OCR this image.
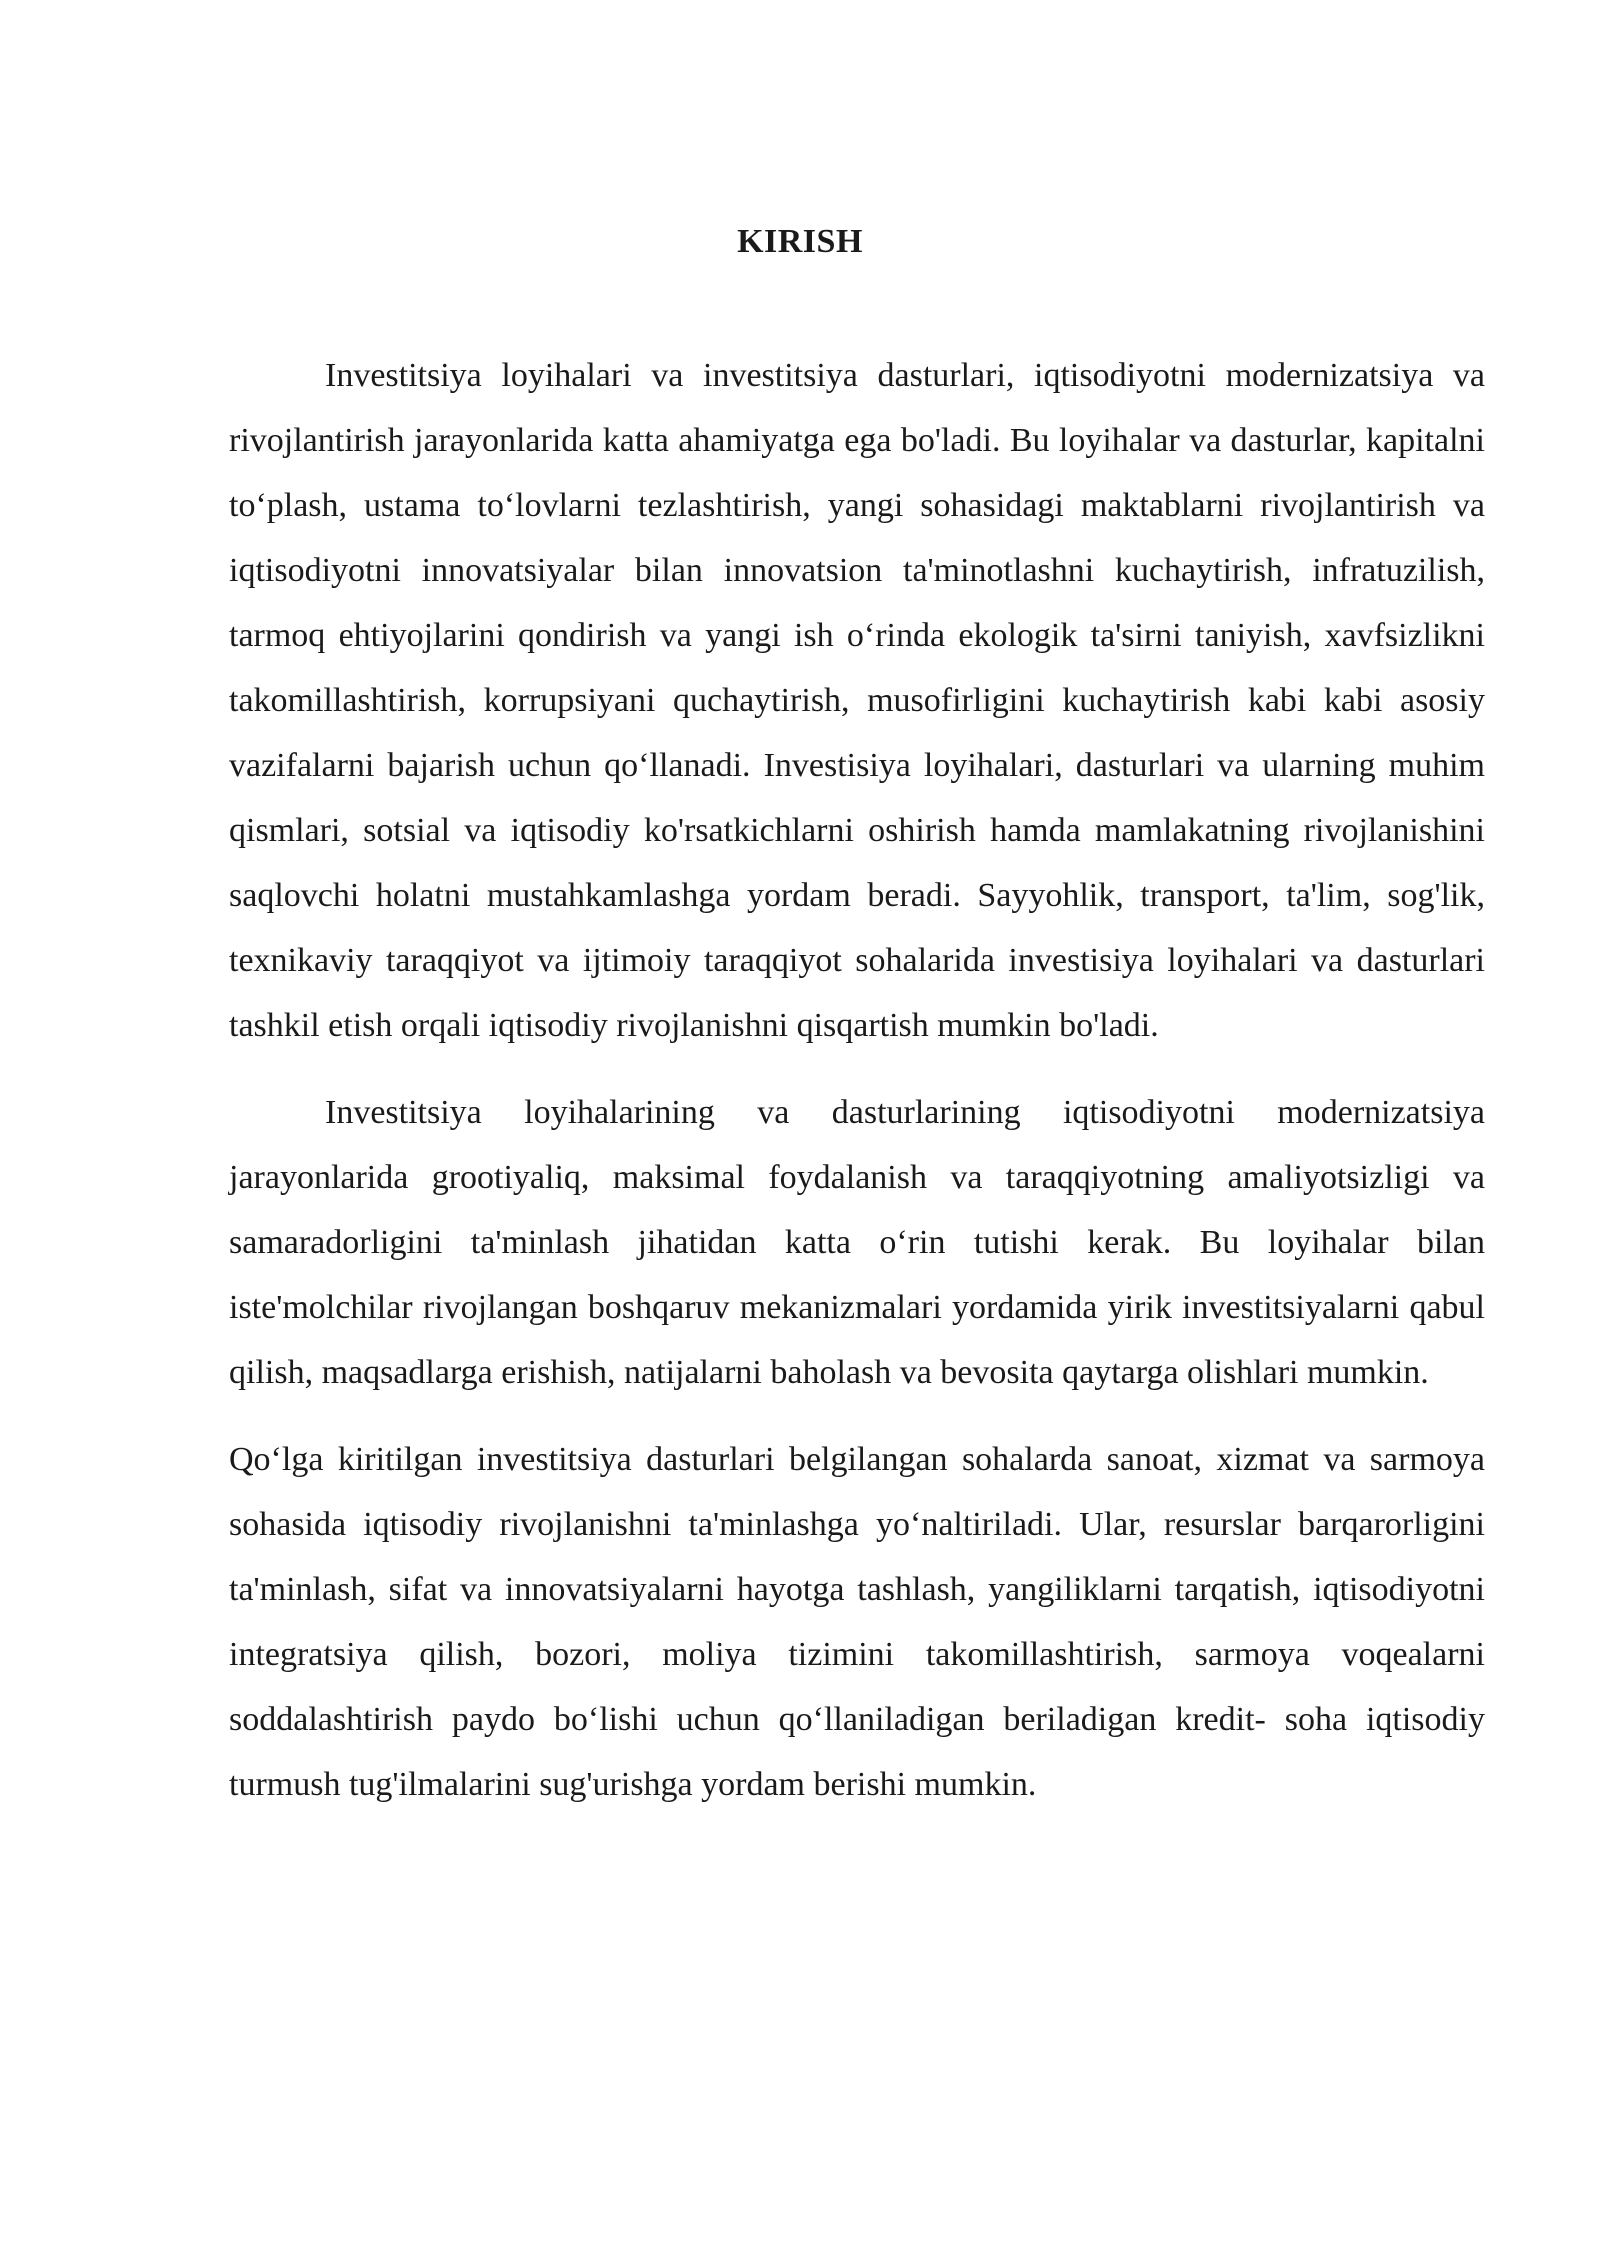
KIRISH

Investitsiya loyihalari va investitsiya dasturlari, iqtisodiyotni modernizatsiya va rivojlantirish jarayonlarida katta ahamiyatga ega bo'ladi. Bu loyihalar va dasturlar, kapitalni to‘plash, ustama to‘lovlarni tezlashtirish, yangi sohasidagi maktablarni rivojlantirish va iqtisodiyotni innovatsiyalar bilan innovatsion ta'minotlashni kuchaytirish, infratuzilish, tarmoq ehtiyojlarini qondirish va yangi ish o‘rinda ekologik ta'sirni taniyish, xavfsizlikni takomillashtirish, korrupsiyani quchaytirish, musofirligini kuchaytirish kabi kabi asosiy vazifalarni bajarish uchun qo‘llanadi. Investisiya loyihalari, dasturlari va ularning muhim qismlari, sotsial va iqtisodiy ko'rsatkichlarni oshirish hamda mamlakatning rivojlanishini saqlovchi holatni mustahkamlashga yordam beradi. Sayyohlik, transport, ta'lim, sog'lik, texnikaviy taraqqiyot va ijtimoiy taraqqiyot sohalarida investisiya loyihalari va dasturlari tashkil etish orqali iqtisodiy rivojlanishni qisqartish mumkin bo'ladi.

Investitsiya loyihalarining va dasturlarining iqtisodiyotni modernizatsiya jarayonlarida grootiyaliq, maksimal foydalanish va taraqqiyotning amaliyotsizligi va samaradorligini ta'minlash jihatidan katta o‘rin tutishi kerak. Bu loyihalar bilan iste'molchilar rivojlangan boshqaruv mekanizmalari yordamida yirik investitsiyalarni qabul qilish, maqsadlarga erishish, natijalarni baholash va bevosita qaytarga olishlari mumkin.

Qo‘lga kiritilgan investitsiya dasturlari belgilangan sohalarda sanoat, xizmat va sarmoya sohasida iqtisodiy rivojlanishni ta'minlashga yo‘naltiriladi. Ular, resurslar barqarorligini ta'minlash, sifat va innovatsiyalarni hayotga tashlash, yangiliklarni tarqatish, iqtisodiyotni integratsiya qilish, bozori, moliya tizimini takomillashtirish, sarmoya voqealarni soddalashtirish paydo bo‘lishi uchun qo‘llaniladigan beriladigan kredit- soha iqtisodiy turmush tug'ilmalarini sug'urishga yordam berishi mumkin.
